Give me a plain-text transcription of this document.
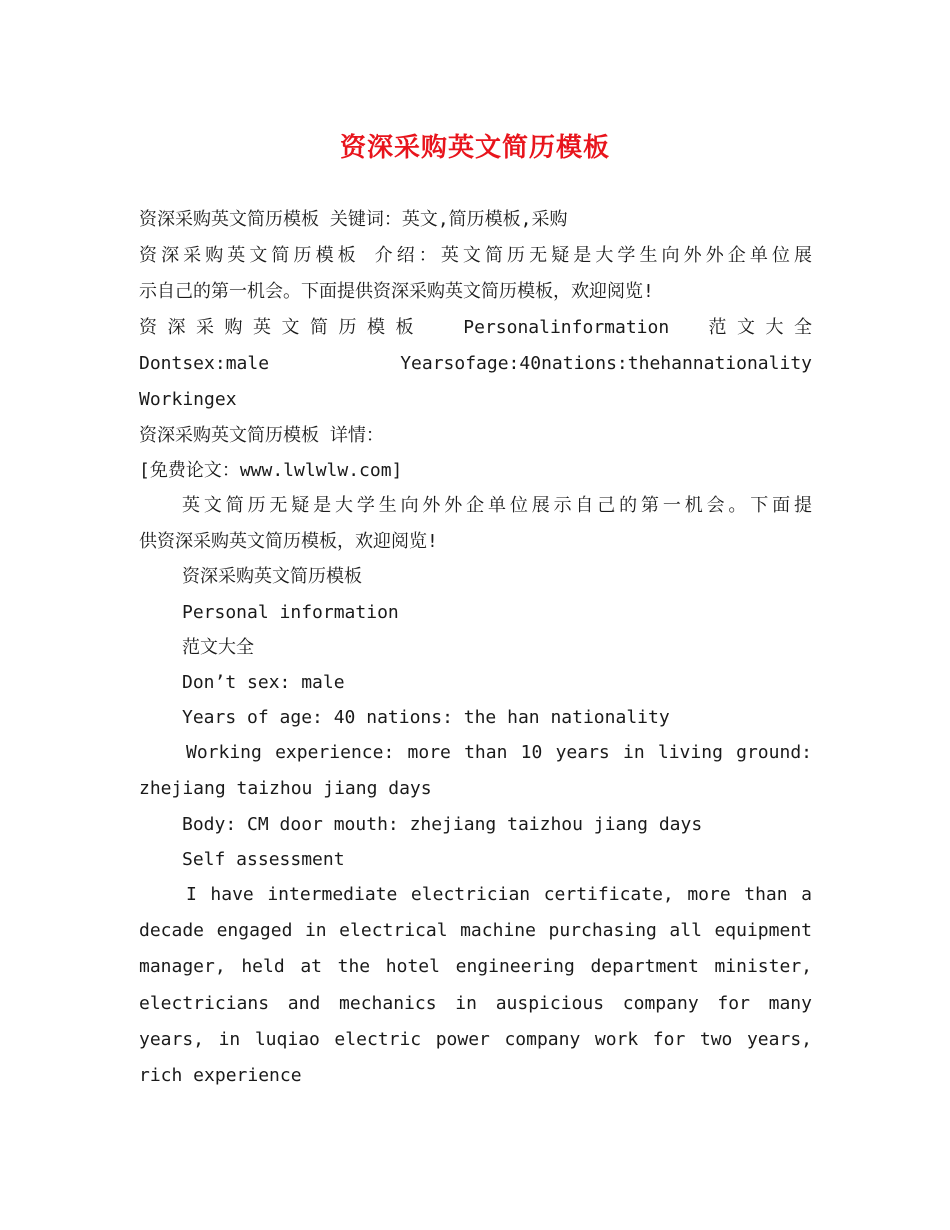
资深采购英文简历模板
资深采购英文简历模板 关键词：英文,简历模板,采购
资深采购英文简历模板 介绍：英文简历无疑是大学生向外外企单位展
示自己的第一机会。下面提供资深采购英文简历模板，欢迎阅览!
资深采购英文简历模板 Personalinformation 范文大全
Dontsex:male Yearsofage:40nations:thehannationality
Workingex
资深采购英文简历模板 详情：
[免费论文：www.lwlwlw.com]
英文简历无疑是大学生向外外企单位展示自己的第一机会。下面提
供资深采购英文简历模板，欢迎阅览!
资深采购英文简历模板
Personal information
范文大全
Don’t sex: male
Years of age: 40 nations: the han nationality
Working experience: more than 10 years in living ground:
zhejiang taizhou jiang days
Body: CM door mouth: zhejiang taizhou jiang days
Self assessment
I have intermediate electrician certificate, more than a
decade engaged in electrical machine purchasing all equipment
manager, held at the hotel engineering department minister,
electricians and mechanics in auspicious company for many
years, in luqiao electric power company work for two years,
rich experience
